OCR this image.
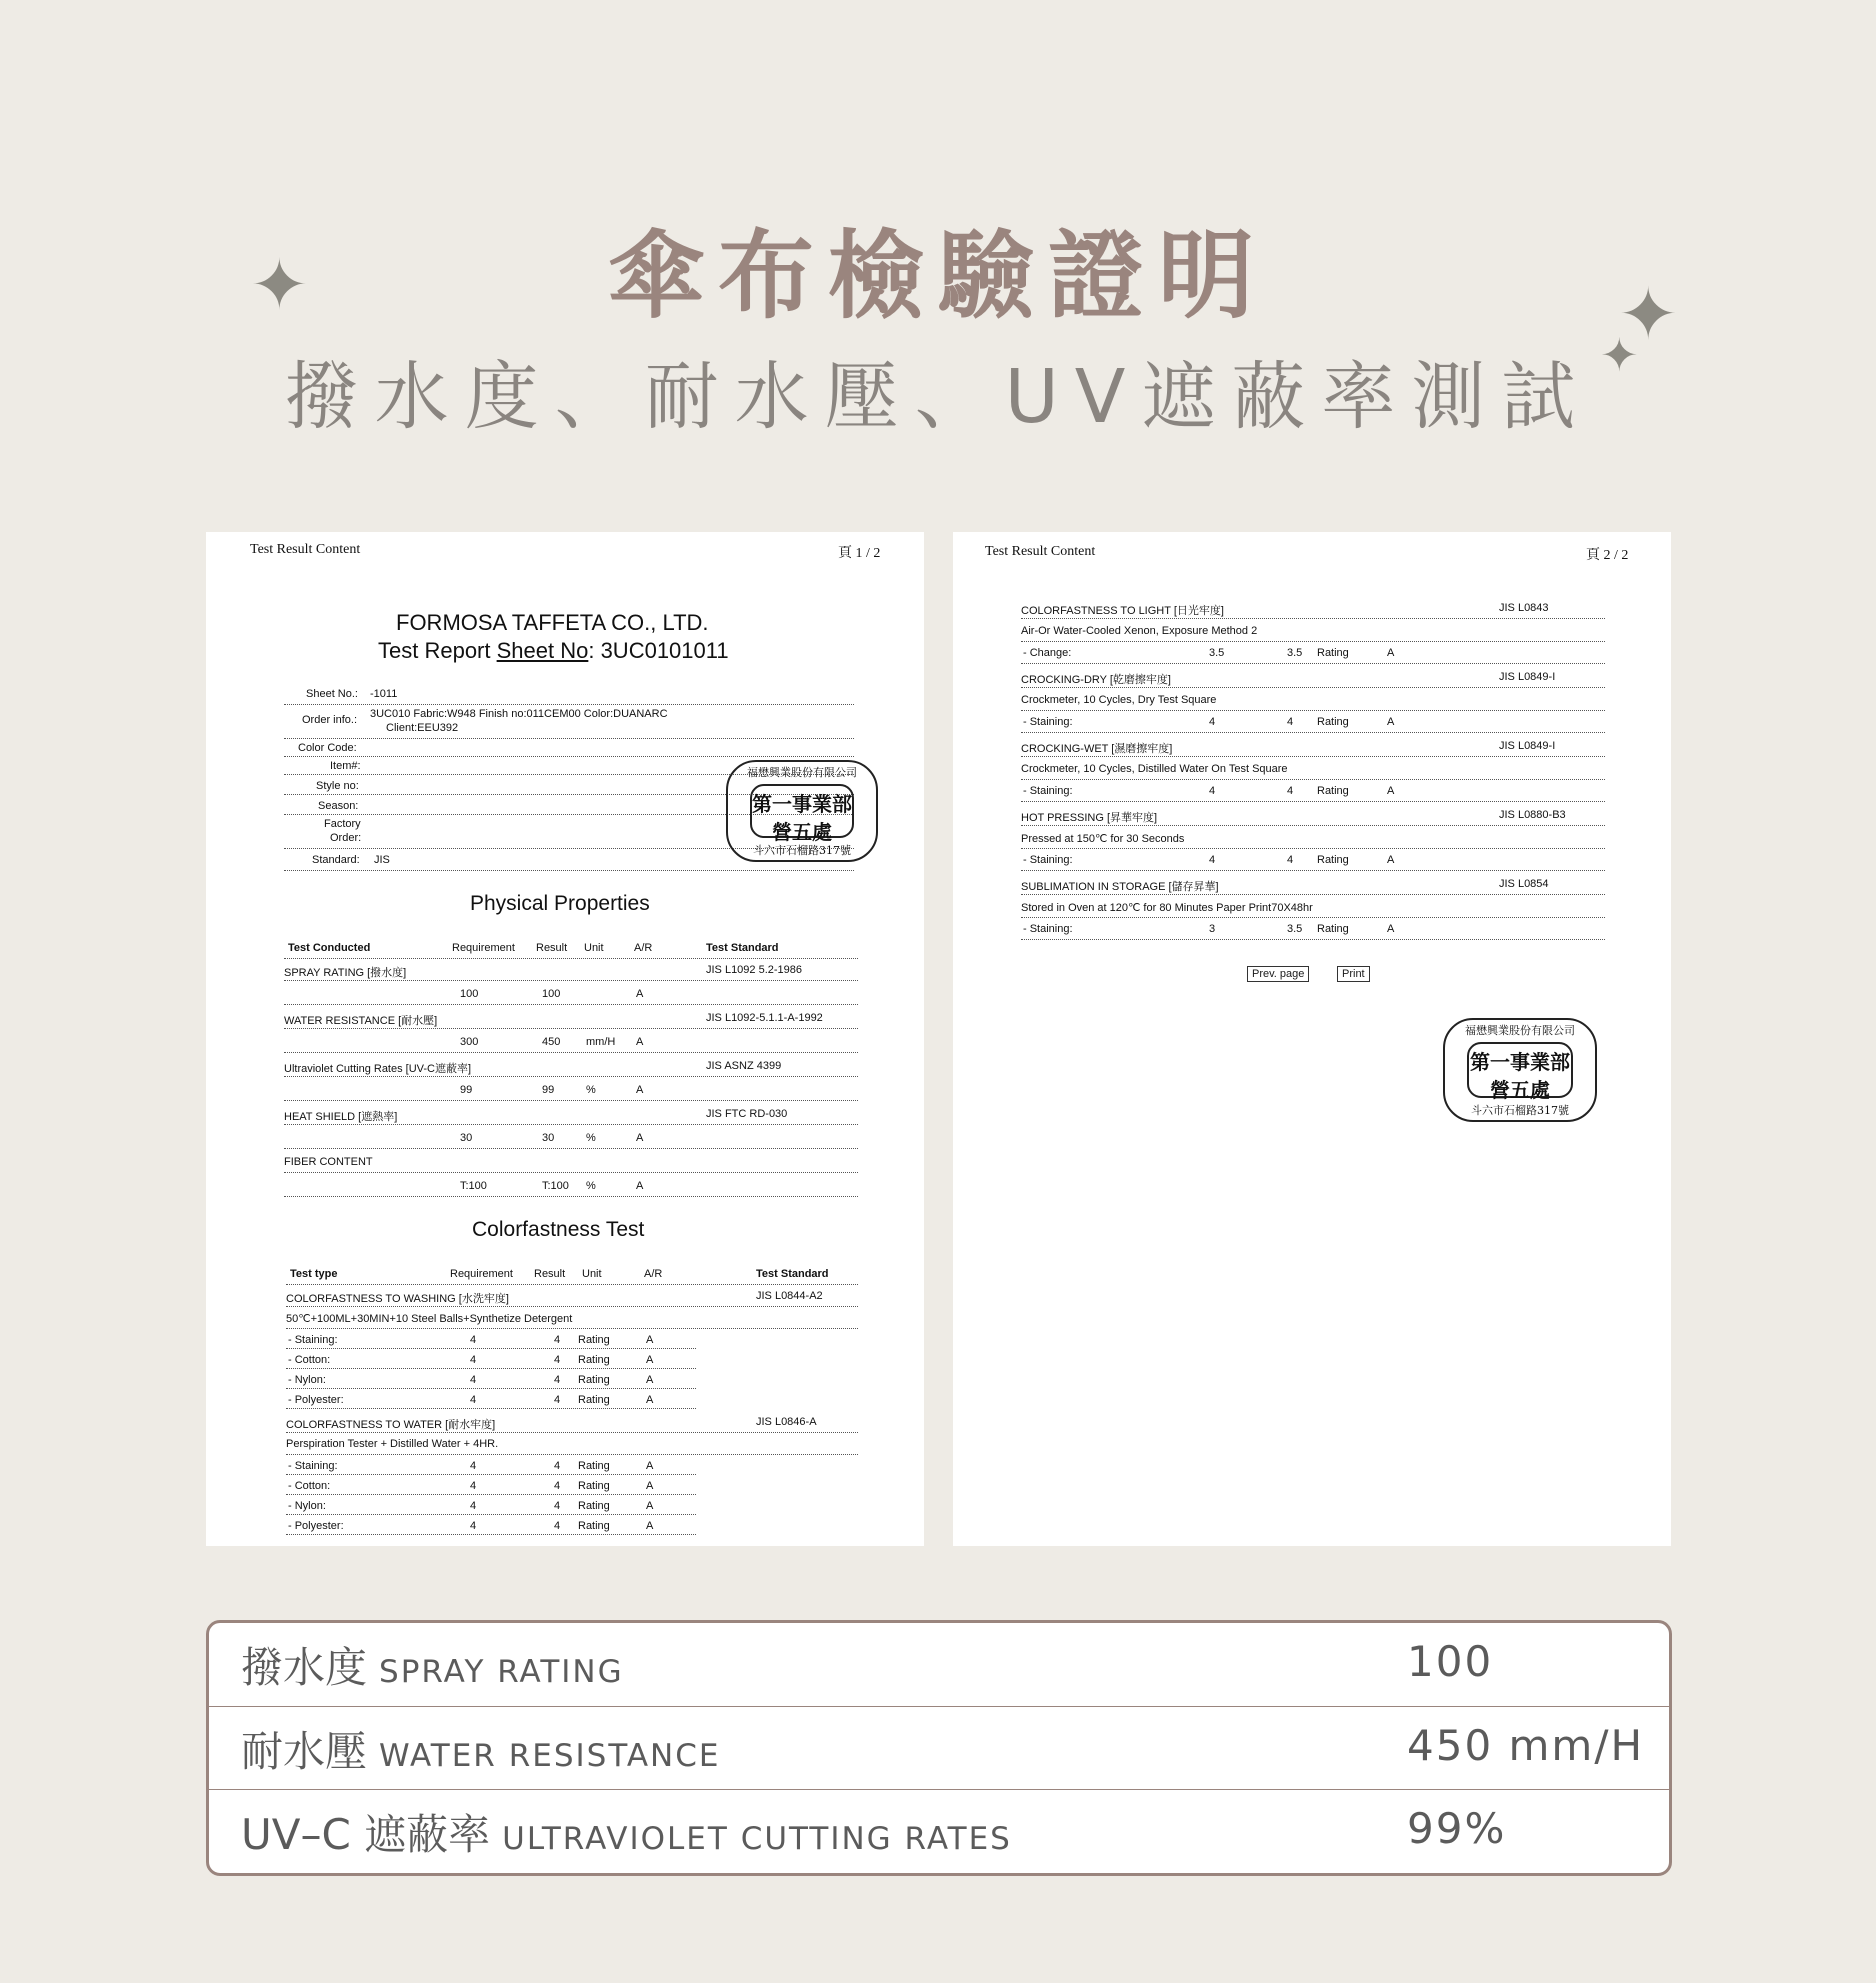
傘布檢驗證明
撥水度、耐水壓、UV遮蔽率測試
✦	✦
✦
Test Result Content	頁 1 / 2
FORMOSA TAFFETA CO., LTD.
Test Report Sheet No: 3UC0101011
Sheet No.: -1011
Order info.: 3UC010 Fabric:W948 Finish no:011CEM00 Color:DUANARC
Client:EEU392
Color Code:
Item#:
Style no:
Season:
Factory
Order:
Standard: JIS
福懋興業股份有限公司
第一事業部
營五處
斗六市石榴路317號
Physical Properties
Test Conducted	Requirement Result Unit	A/R	Test Standard
SPRAY RATING [撥水度]	JIS L1092 5.2-1986
100	100	A
WATER RESISTANCE [耐水壓]	JIS L1092-5.1.1-A-1992
300	450 mm/H A
Ultraviolet Cutting Rates [UV-C遮蔽率]	JIS ASNZ 4399
99	99	%	A
HEAT SHIELD [遮熱率]	JIS FTC RD-030
30	30	%	A
FIBER CONTENT
T:100	T:100 %	A
Colorfastness Test
Test type	Requirement Result Unit	A/R	Test Standard
COLORFASTNESS TO WASHING [水洗牢度]	JIS L0844-A2
50℃+100ML+30MIN+10 Steel Balls+Synthetize Detergent
- Staining:	4	4 Rating	A
- Cotton:	4	4 Rating	A
- Nylon:	4	4 Rating	A
- Polyester:	4	4 Rating	A
COLORFASTNESS TO WATER [耐水牢度]	JIS L0846-A
Perspiration Tester + Distilled Water + 4HR.
- Staining:	4	4 Rating	A
- Cotton:	4	4 Rating	A
- Nylon:	4	4 Rating	A
- Polyester:	4	4 Rating	A
Test Result Content	頁 2 / 2
COLORFASTNESS TO LIGHT [日光牢度]	JIS L0843
Air-Or Water-Cooled Xenon, Exposure Method 2
- Change:	3.5	3.5 Rating	A
CROCKING-DRY [乾磨擦牢度]	JIS L0849-I
Crockmeter, 10 Cycles, Dry Test Square
- Staining:	4	4 Rating	A
CROCKING-WET [濕磨擦牢度]	JIS L0849-I
Crockmeter, 10 Cycles, Distilled Water On Test Square
- Staining:	4	4 Rating	A
HOT PRESSING [昇華牢度]	JIS L0880-B3
Pressed at 150℃ for 30 Seconds
- Staining:	4	4 Rating	A
SUBLIMATION IN STORAGE [儲存昇華]	JIS L0854
Stored in Oven at 120℃ for 80 Minutes Paper Print70X48hr
- Staining:	3	3.5 Rating	A
Prev. page	Print
福懋興業股份有限公司
第一事業部
營五處
斗六市石榴路317號
撥水度 SPRAY RATING	100
耐水壓 WATER RESISTANCE	450 mm/H
UV–C 遮蔽率 ULTRAVIOLET CUTTING RATES	99%
